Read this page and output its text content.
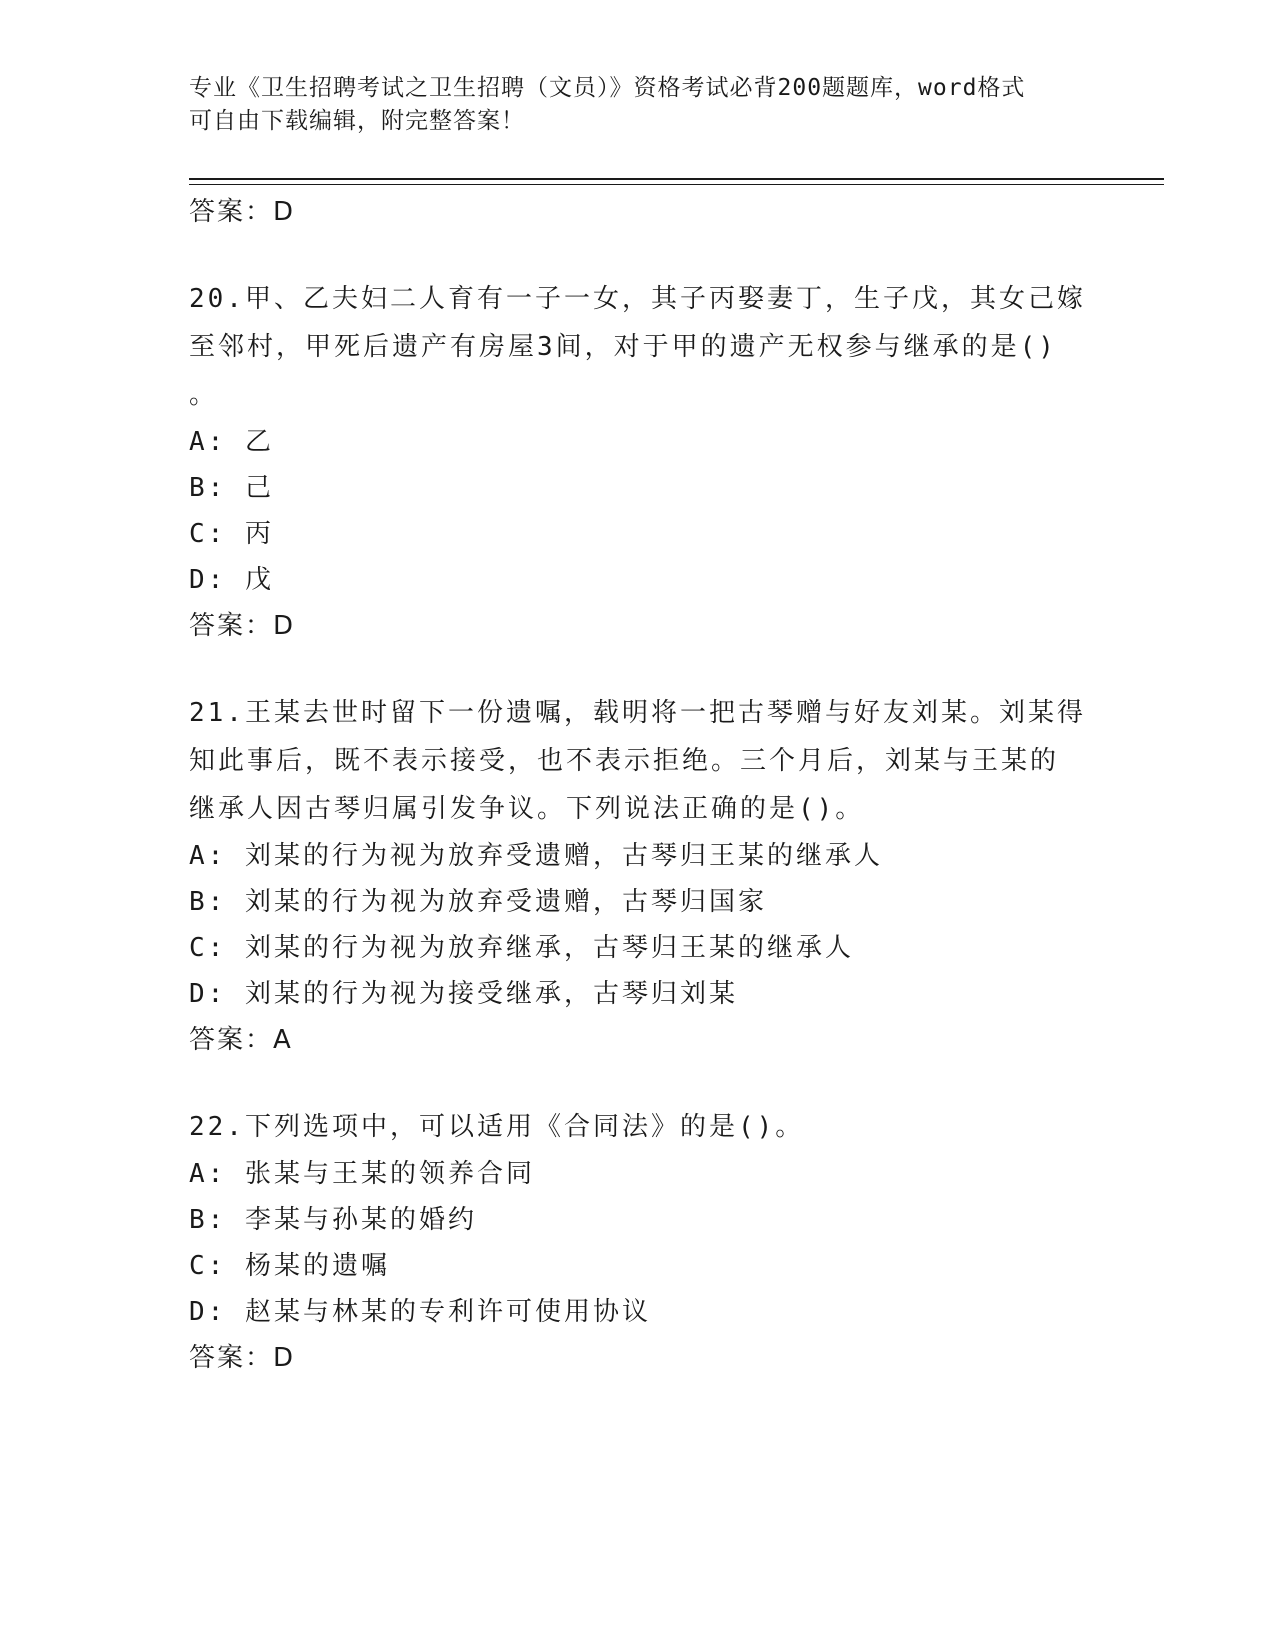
专业《卫生招聘考试之卫生招聘（文员）》资格考试必背200题题库，word格式
可自由下载编辑，附完整答案！
答案：D
20.甲、乙夫妇二人育有一子一女，其子丙娶妻丁，生子戊，其女己嫁
至邻村，甲死后遗产有房屋3间，对于甲的遗产无权参与继承的是()
。
A: 乙
B: 己
C: 丙
D: 戊
答案：D
21.王某去世时留下一份遗嘱，载明将一把古琴赠与好友刘某。刘某得
知此事后，既不表示接受，也不表示拒绝。三个月后，刘某与王某的
继承人因古琴归属引发争议。下列说法正确的是()。
A: 刘某的行为视为放弃受遗赠，古琴归王某的继承人
B: 刘某的行为视为放弃受遗赠，古琴归国家
C: 刘某的行为视为放弃继承，古琴归王某的继承人
D: 刘某的行为视为接受继承，古琴归刘某
答案：A
22.下列选项中，可以适用《合同法》的是()。
A: 张某与王某的领养合同
B: 李某与孙某的婚约
C: 杨某的遗嘱
D: 赵某与林某的专利许可使用协议
答案：D
